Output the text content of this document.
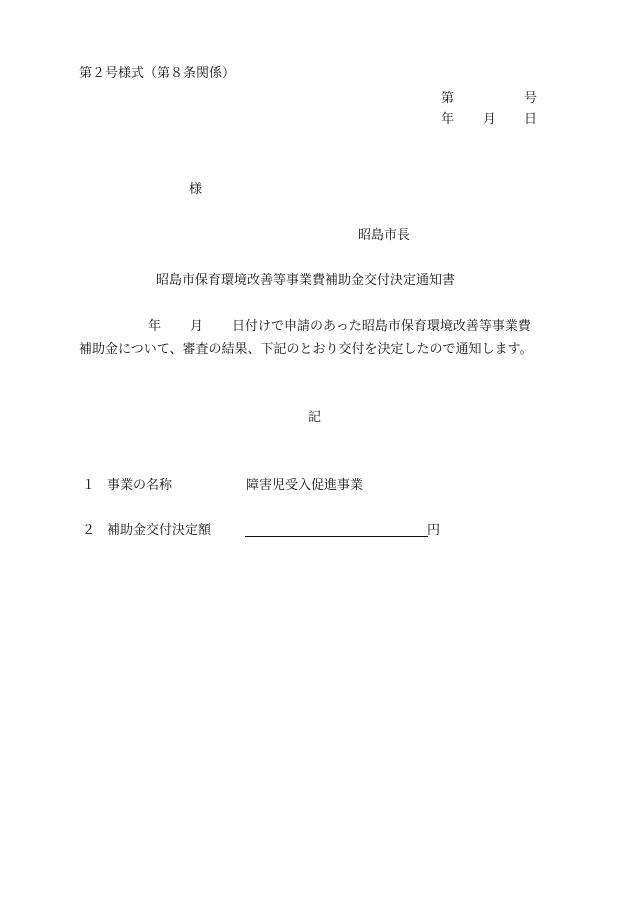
第２号様式（第８条関係）
第	号
年 月 日
様
昭島市長
昭島市保育環境改善等事業費補助金交付決定通知書
年 月 日付けで申請のあった昭島市保育環境改善等事業費
補助金について、審査の結果、下記のとおり交付を決定したので通知します。
記
１ 事業の名称	障害児受入促進事業
２ 補助金交付決定額	円
